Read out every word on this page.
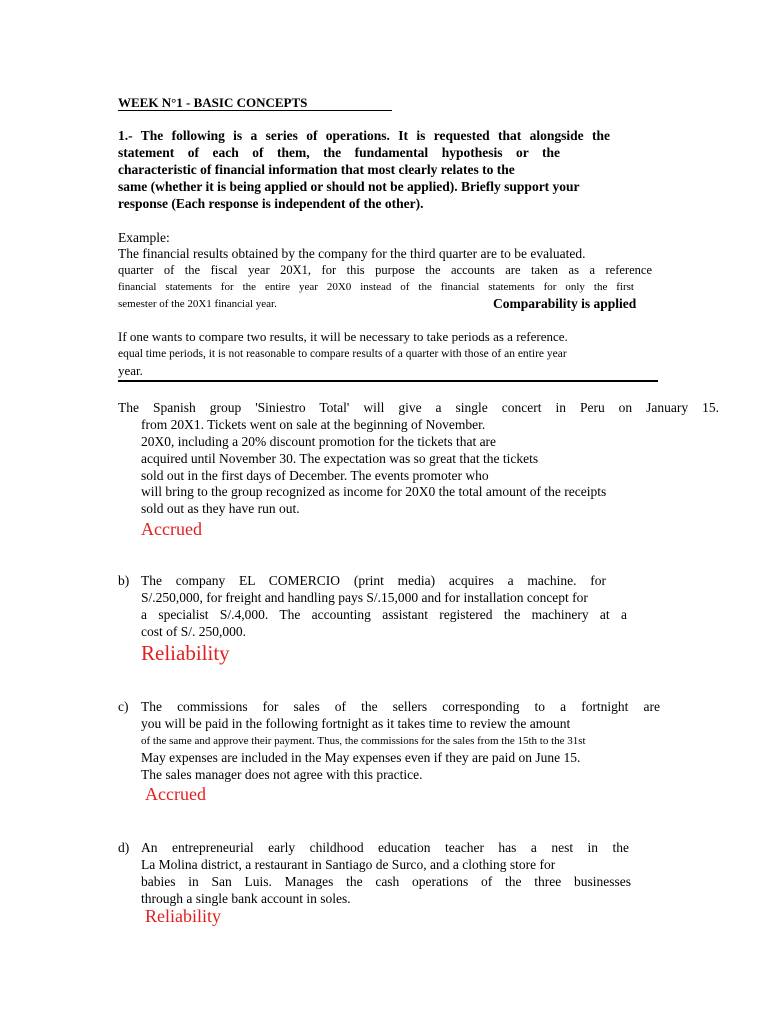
WEEK N°1 - BASIC CONCEPTS
1.- The following is a series of operations. It is requested that alongside the
statement of each of them, the fundamental hypothesis or the
characteristic of financial information that most clearly relates to the
same (whether it is being applied or should not be applied). Briefly support your
response (Each response is independent of the other).
Example:
The financial results obtained by the company for the third quarter are to be evaluated.
quarter of the fiscal year 20X1, for this purpose the accounts are taken as a reference
financial statements for the entire year 20X0 instead of the financial statements for only the first
semester of the 20X1 financial year.	Comparability is applied
If one wants to compare two results, it will be necessary to take periods as a reference.
equal time periods, it is not reasonable to compare results of a quarter with those of an entire year
year.
The Spanish group 'Siniestro Total' will give a single concert in Peru on January 15.
from 20X1. Tickets went on sale at the beginning of November.
20X0, including a 20% discount promotion for the tickets that are
acquired until November 30. The expectation was so great that the tickets
sold out in the first days of December. The events promoter who
will bring to the group recognized as income for 20X0 the total amount of the receipts
sold out as they have run out.
Accrued
b) The company EL COMERCIO (print media) acquires a machine. for
S/.250,000, for freight and handling pays S/.15,000 and for installation concept for
a specialist S/.4,000. The accounting assistant registered the machinery at a
cost of S/. 250,000.
Reliability
c) The commissions for sales of the sellers corresponding to a fortnight are
you will be paid in the following fortnight as it takes time to review the amount
of the same and approve their payment. Thus, the commissions for the sales from the 15th to the 31st
May expenses are included in the May expenses even if they are paid on June 15.
The sales manager does not agree with this practice.
Accrued
d) An entrepreneurial early childhood education teacher has a nest in the
La Molina district, a restaurant in Santiago de Surco, and a clothing store for
babies in San Luis. Manages the cash operations of the three businesses
through a single bank account in soles.
Reliability
